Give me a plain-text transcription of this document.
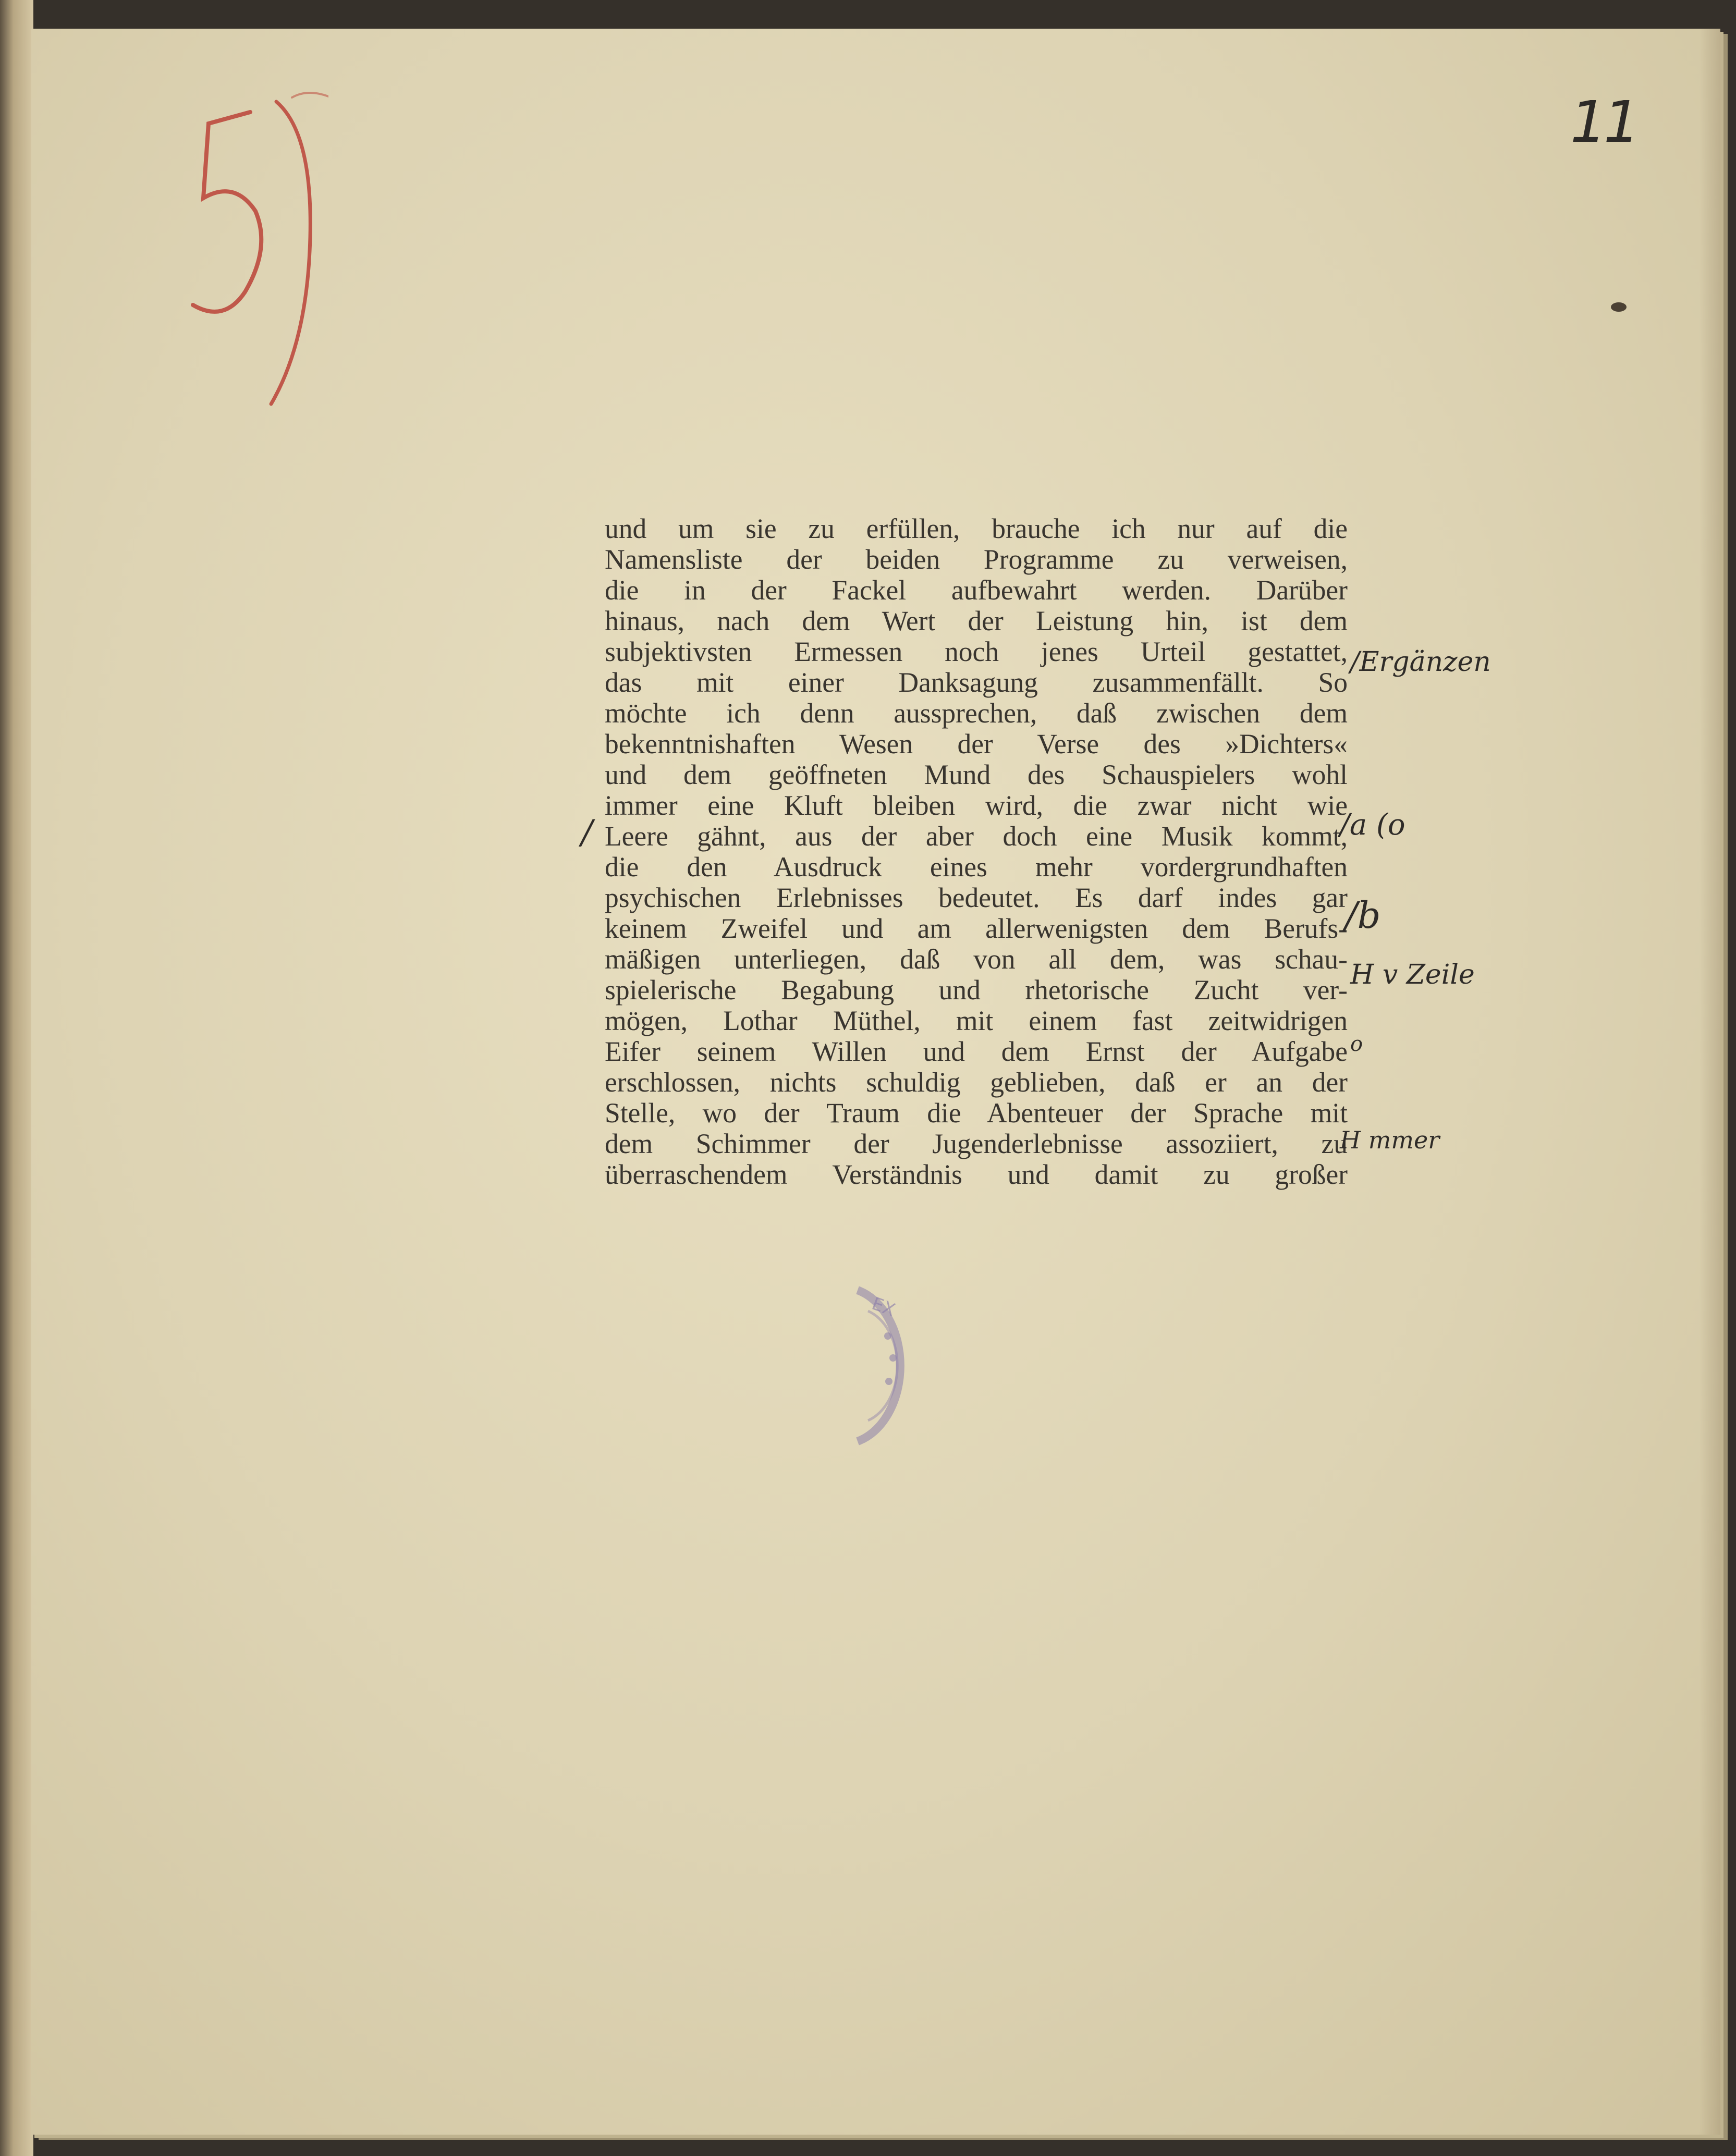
11
und um sie zu erfüllen, brauche ich nur auf die
Namensliste der beiden Programme zu verweisen,
die in der Fackel aufbewahrt werden. Darüber
hinaus, nach dem Wert der Leistung hin, ist dem
subjektivsten Ermessen noch jenes Urteil gestattet,
das mit einer Danksagung zusammenfällt. So
möchte ich denn aussprechen, daß zwischen dem
bekenntnishaften Wesen der Verse des »Dichters«
und dem geöffneten Mund des Schauspielers wohl
immer eine Kluft bleiben wird, die zwar nicht wie
Leere gähnt, aus der aber doch eine Musik kommt,
die den Ausdruck eines mehr vordergrundhaften
psychischen Erlebnisses bedeutet. Es darf indes gar
keinem Zweifel und am allerwenigsten dem Berufs-
mäßigen unterliegen, daß von all dem, was schau-
spielerische Begabung und rhetorische Zucht ver-
mögen, Lothar Müthel, mit einem fast zeitwidrigen
Eifer seinem Willen und dem Ernst der Aufgabe
erschlossen, nichts schuldig geblieben, daß er an der
Stelle, wo der Traum die Abenteuer der Sprache mit
dem Schimmer der Jugenderlebnisse assoziiert, zu
überraschendem Verständnis und damit zu großer
/Ergänzen
/a (o
/b
H v Zeile
o
H mmer
/
EX
